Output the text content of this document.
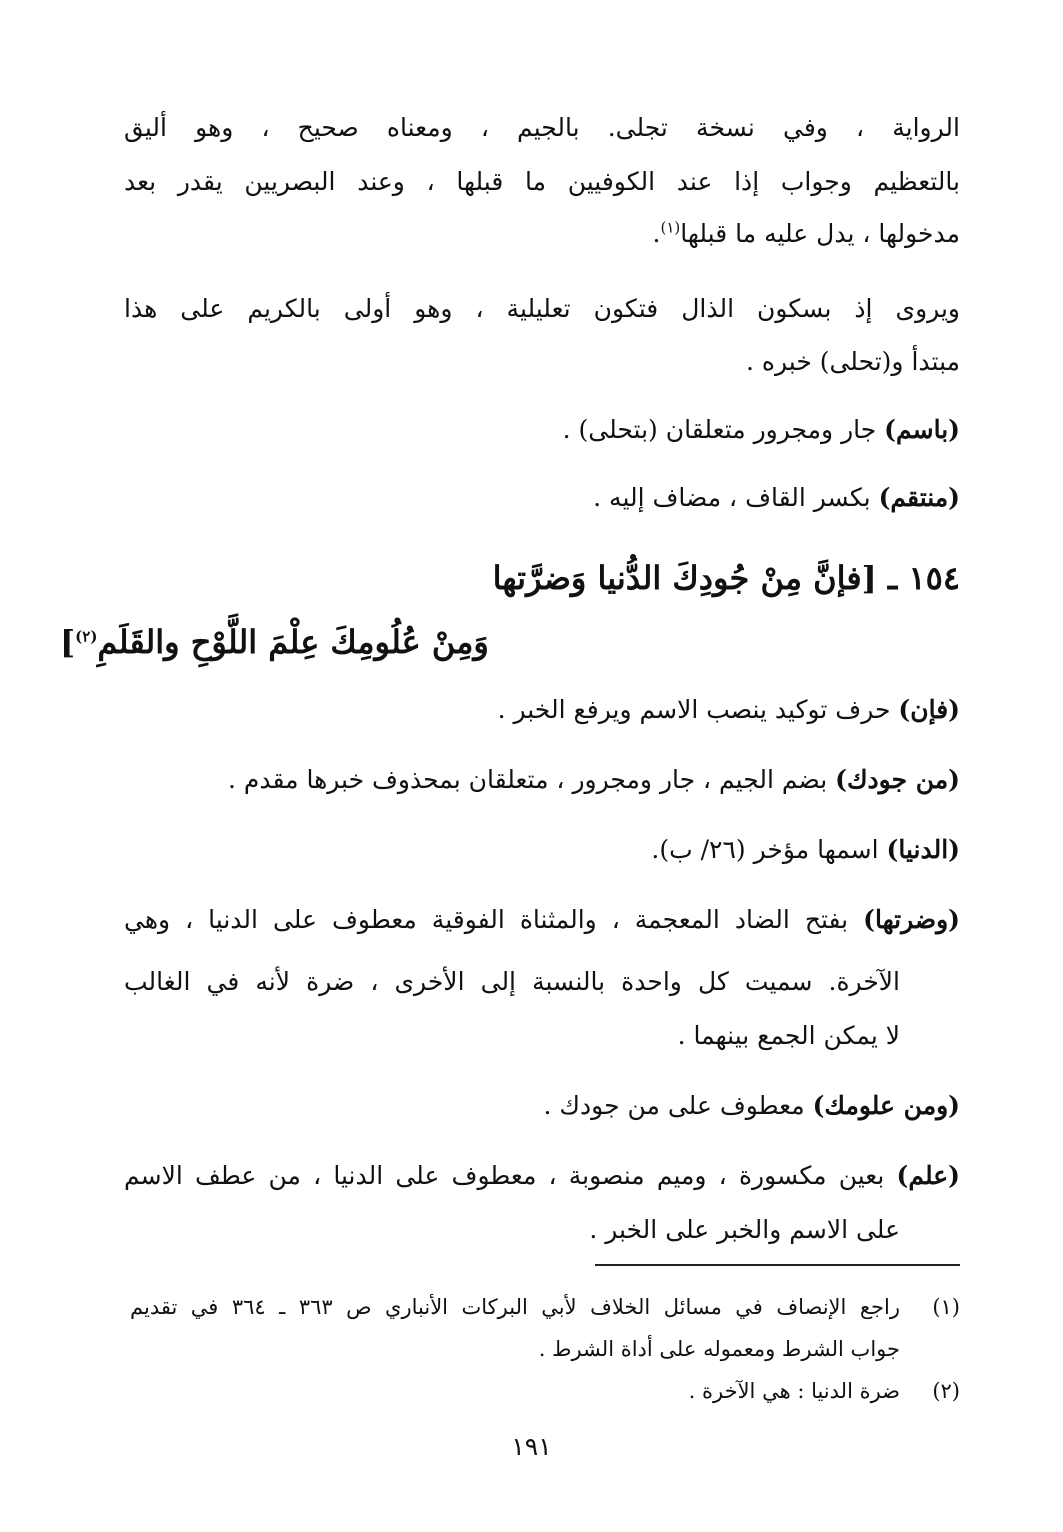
الرواية ، وفي نسخة تجلى. بالجيم ، ومعناه صحيح ، وهو أليق
بالتعظيم وجواب إذا عند الكوفيين ما قبلها ، وعند البصريين يقدر بعد
مدخولها ، يدل عليه ما قبلها$^{(١)}$.
ويروى إذ بسكون الذال فتكون تعليلية ، وهو أولى بالكريم على هذا
مبتدأ و(تحلى) خبره .
(باسم) جار ومجرور متعلقان (بتحلى) .
(منتقم) بكسر القاف ، مضاف إليه .
١٥٤ ـ [فإنَّ مِنْ جُودِكَ الدُّنيا وَضرَّتها
وَمِنْ عُلُومِكَ عِلْمَ اللَّوْحِ والقَلَمِ$^{(٢)}$]
(فإن) حرف توكيد ينصب الاسم ويرفع الخبر .
(من جودك) بضم الجيم ، جار ومجرور ، متعلقان بمحذوف خبرها مقدم .
(الدنيا) اسمها مؤخر (٢٦/ ب).
(وضرتها) بفتح الضاد المعجمة ، والمثناة الفوقية معطوف على الدنيا ، وهي
الآخرة. سميت كل واحدة بالنسبة إلى الأخرى ، ضرة لأنه في الغالب
لا يمكن الجمع بينهما .
(ومن علومك) معطوف على من جودك .
(علم) بعين مكسورة ، وميم منصوبة ، معطوف على الدنيا ، من عطف الاسم
على الاسم والخبر على الخبر .
(١)
راجع الإنصاف في مسائل الخلاف لأبي البركات الأنباري ص ٣٦٣ ـ ٣٦٤ في تقديم
جواب الشرط ومعموله على أداة الشرط .
(٢)
ضرة الدنيا : هي الآخرة .
١٩١
